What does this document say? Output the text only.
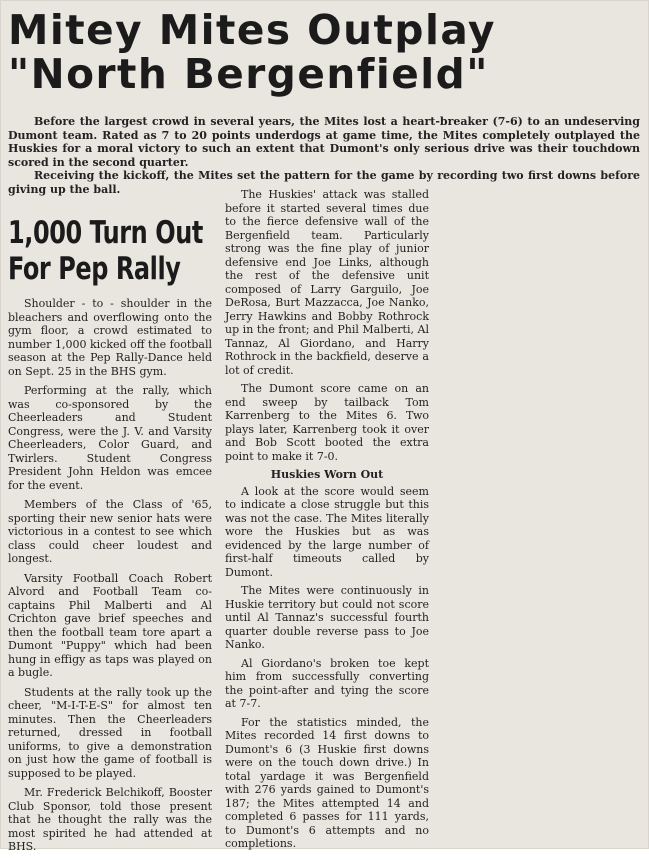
Mitey Mites Outplay
"North Bergenfield"

Before the largest crowd in several years, the Mites lost a heart-breaker (7-6) to an undeserving Dumont team. Rated as 7 to 20 points underdogs at game time, the Mites completely outplayed the Huskies for a moral victory to such an extent that Dumont's only serious drive was their touchdown scored in the second quarter.

Receiving the kickoff, the Mites set the pattern for the game by recording two first downs before giving up the ball.

1,000 Turn Out
For Pep Rally

Shoulder - to - shoulder in the bleachers and overflowing onto the gym floor, a crowd estimated to number 1,000 kicked off the football season at the Pep Rally-Dance held on Sept. 25 in the BHS gym.

Performing at the rally, which was co-sponsored by the Cheerleaders and Student Congress, were the J. V. and Varsity Cheerleaders, Color Guard, and Twirlers. Student Congress President John Heldon was emcee for the event.

Members of the Class of '65, sporting their new senior hats were victorious in a contest to see which class could cheer loudest and longest.

Varsity Football Coach Robert Alvord and Football Team co-captains Phil Malberti and Al Crichton gave brief speeches and then the football team tore apart a Dumont "Puppy" which had been hung in effigy as taps was played on a bugle.

Students at the rally took up the cheer, "M-I-T-E-S" for almost ten minutes. Then the Cheerleaders returned, dressed in football uniforms, to give a demonstration on just how the game of football is supposed to be played.

Mr. Frederick Belchikoff, Booster Club Sponsor, told those present that he thought the rally was the most spirited he had attended at BHS.

The Huskies' attack was stalled before it started several times due to the fierce defensive wall of the Bergenfield team. Particularly strong was the fine play of junior defensive end Joe Links, although the rest of the defensive unit composed of Larry Garguilo, Joe DeRosa, Burt Mazzacca, Joe Nanko, Jerry Hawkins and Bobby Rothrock up in the front; and Phil Malberti, Al Tannaz, Al Giordano, and Harry Rothrock in the backfield, deserve a lot of credit.

The Dumont score came on an end sweep by tailback Tom Karrenberg to the Mites 6. Two plays later, Karrenberg took it over and Bob Scott booted the extra point to make it 7-0.

Huskies Worn Out

A look at the score would seem to indicate a close struggle but this was not the case. The Mites literally wore the Huskies but as was evidenced by the large number of first-half timeouts called by Dumont.

The Mites were continuously in Huskie territory but could not score until Al Tannaz's successful fourth quarter double reverse pass to Joe Nanko.

Al Giordano's broken toe kept him from successfully converting the point-after and tying the score at 7-7.

For the statistics minded, the Mites recorded 14 first downs to Dumont's 6 (3 Huskie first downs were on the touch down drive.) In total yardage it was Bergenfield with 276 yards gained to Dumont's 187; the Mites attempted 14 and completed 6 passes for 111 yards, to Dumont's 6 attempts and no completions.
